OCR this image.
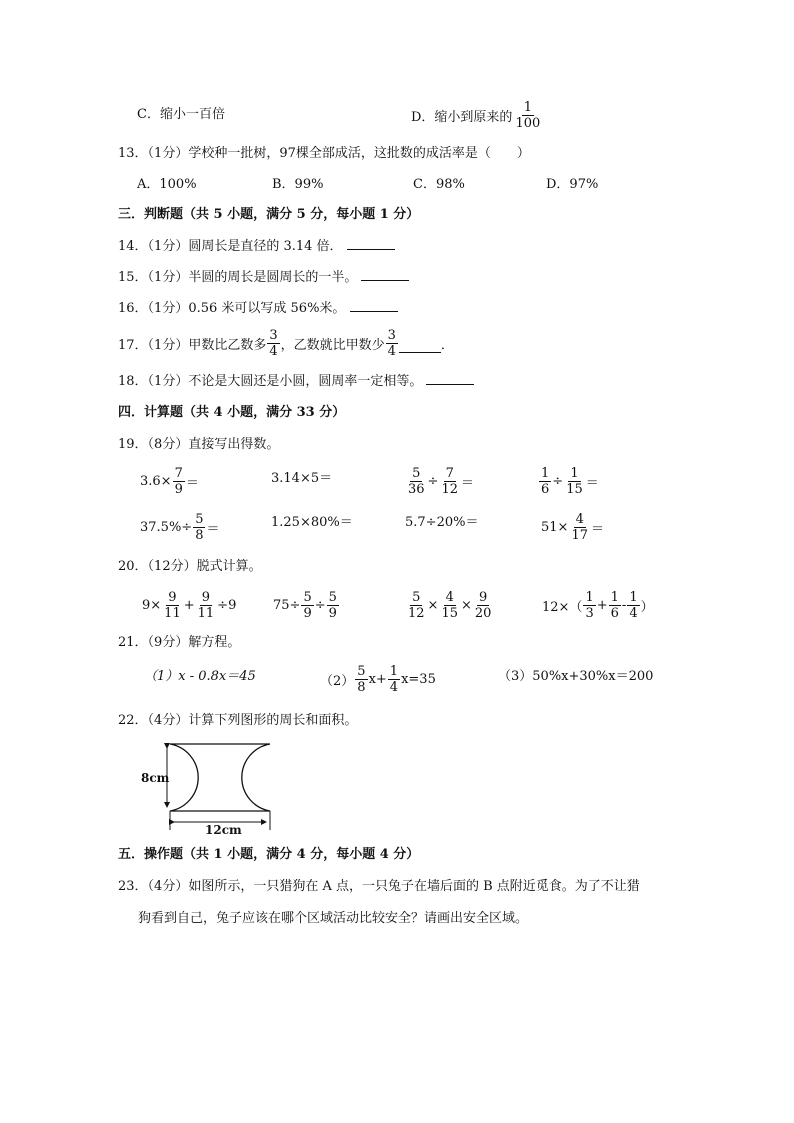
C．缩小一百倍	D．缩小到原来的 $\frac{1}{100}$
13．（1分）学校种一批树，97棵全部成活，这批数的成活率是（　　）
A．100%	B．99%	C．98%	D．97%
三．判断题（共 5 小题，满分 5 分，每小题 1 分）
14．（1分）圆周长是直径的 3.14 倍．
15．（1分）半圆的周长是圆周长的一半。
16．（1分）0.56 米可以写成 56%米。
17．（1分）甲数比乙数多 $\frac{3}{4}$ ，乙数就比甲数少 $\frac{3}{4}$	．
18．（1分）不论是大圆还是小圆，圆周率一定相等。
四．计算题（共 4 小题，满分 33 分）
19．（8分）直接写出得数。
$3.6\times \frac{7}{9}$ ＝	3.14×5＝	$\frac{5}{36} \div \frac{7}{12}$ ＝	$\frac{1}{6} \div \frac{1}{15}$ ＝
$37.5\%\div \frac{5}{8}$ ＝	1.25×80%＝	5.7÷20%＝	$51\times \frac{4}{17}$ ＝
20．（12分）脱式计算。
$9\times \frac{9}{11} + \frac{9}{11} \div 9$	$75\div \frac{5}{9} \div \frac{5}{9}$	$\frac{5}{12} \times \frac{4}{15} \times \frac{9}{20}$	$12\times( \frac{1}{3} + \frac{1}{6} - \frac{1}{4}$ ）
21．（9分）解方程。
（1）x - 0.8x＝45	$(2) \frac{5}{8} x+ \frac{1}{4} x=35$	（3）50%x+30%x＝200
22．（4分）计算下列图形的周长和面积。
8cm
12cm
五．操作题（共 1 小题，满分 4 分，每小题 4 分）
23．（4分）如图所示，一只猎狗在 A 点，一只兔子在墙后面的 B 点附近觅食。为了不让猎
狗看到自己，兔子应该在哪个区域活动比较安全？请画出安全区域。
